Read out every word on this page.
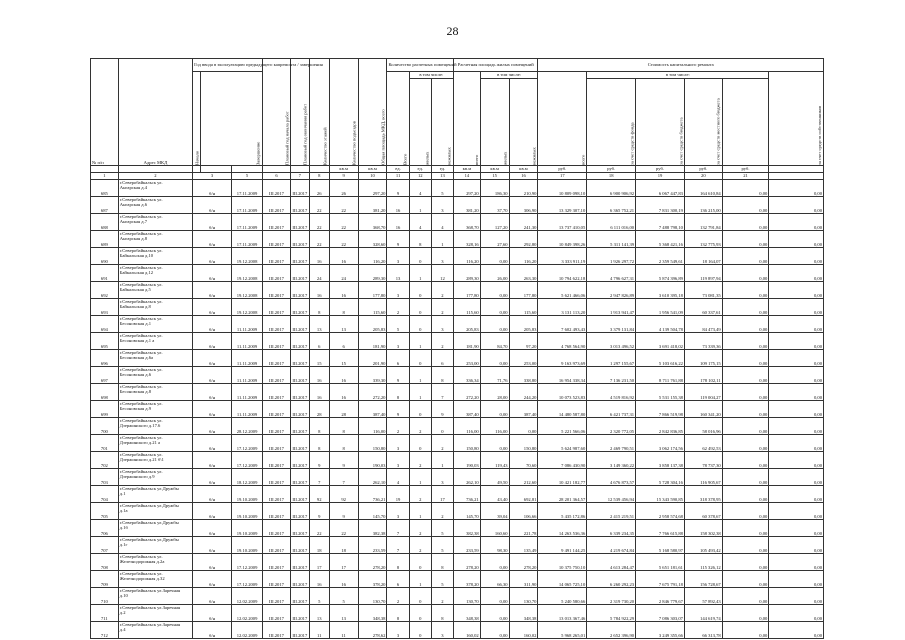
28
№ п/п	Адрес МКД	Год ввода в эксплуатацию предыдущего капремонта / завершения			Плановый год начала работ	Плановый год окончания работ	Количество этажей	Количество подъездов	Общая площадь МКД, всего	Количество расчетных помещений			Расчетная площадь жилых помещений			Стоимость капитального ремонта					
		Начало	Завершение							Всего	в том числе:		всего	в том числе:		всего	в том числе:				за счет средств собственников
											жилых	нежилых		жилых	нежилых		за счет средств фонда	за счет средств бюджета	за счет средств местного бюджета		
								кв.м	кв.м	ед.	ед.	ед.	кв.м	кв.м	кв.м	руб.	руб.	руб.	руб.	руб.	
1	2	3		5	6	7	8	9	10	11	12	13	14	15	16	17	18	19	20	21	
685	г.Северобайкальск ул.
Ангарская д.4	б/н		17.11.2009	III.2017	III.2017	26	26	297,20	9	4	5	297,20	186,30	210,90	10 809 098,10	6 900 906,92	6 067 447,83	164 610,84	0,00	0,00
687	г.Северобайкальск ул.
Ангарская д.6	б/н		17.11.2009	III.2017	III.2017	22	22	381,20	16	1	3	381,20	37,70	306,90	13 329 307,10	6 365 752,21	7 831 300,19	136 215,00	0,00	0,00
688	г.Северобайкальск ул.
Ангарская д.7	б/н		17.11.2009	III.2017	III.2017	22	22	368,70	16	4	4	368,70	127,20	241,30	13 737 410,05	6 111 016,00	7 488 798,10	132 791,84	0,00	0,00
689	г.Северобайкальск ул.
Ангарская д.8	б/н		17.11.2009	III.2017	III.2017	22	22	328,60	9	8	1	328,16	27,60	292,80	10 849 398,26	5 311 141,39	5 368 421,16	132 775,93	0,00	0,00
690	г.Северобайкальск ул.
Байкальская д.10	б/н		19.12.2008	III.2017	III.2017	16	16	116,20	3	0	3	116,20	0,00	116,20	3 333 911,19	1 926 297,72	2 359 549,61	18 164,07	0,00	0,00
691	г.Северобайкальск ул.
Байкальская д.12	б/н		19.12.2008	III.2017	III.2017	24	24	289,30	13	1	12	289,30	26,00	263,30	10 794 622,18	4 796 627,31	5 874 396,89	119 897,94	0,00	0,00
692	г.Северобайкальск ул.
Байкальская д.5	б/н		19.12.2008	III.2017	III.2017	16	16	177,80	3	0	2	177,80	0,00	177,80	5 621 466,06	2 947 826,89	3 610 395,18	73 081,35	0,00	0,00
693	г.Северобайкальск ул.
Байкальская д.8	б/н		19.12.2008	III.2017	III.2017	8	8	115,60	2	0	2	115,60	0,00	115,60	3 131 113,20	1 913 941,47	1 956 541,09	60 337,61	0,00	0,00
694	г.Северобайкальск ул.
Бесоновская д.1	б/н		11.11.2009	III.2017	III.2017	13	13	205,83	5	0	3	205,83	0,00	205,83	7 602 493,43	3 379 131,84	4 139 504,78	84 473,49	0,00	0,00
695	г.Северобайкальск ул.
Бесоновская д.1 а	б/н		11.11.2009	III.2017	III.2017	6	6	181,90	3	1	2	181,90	84,70	97,20	4 768 564,90	3 013 496,52	3 691 418,02	73 339,36	0,00	0,00
696	г.Северобайкальск ул.
Бесоновская д.6а	б/н		11.11.2009	III.2017	III.2017	15	15	201,90	6	0	6	253,00	0,00	253,00	9 163 973,69	1 297 155,67	5 103 616,22	109 175,15	0,00	0,00
697	г.Северобайкальск ул.
Бесоновская д.6	б/н		11.11.2009	III.2017	III.2017	16	16	339,30	9	1	8	336,34	71,76	338,80	16 954 338,34	7 136 231,50	8 711 761,88	178 102,11	0,00	0,00
698	г.Северобайкальск ул.
Бесоновская д.8	б/н		11.11.2009	III.2017	III.2017	16	16	272,20	8	1	7	272,20	28,00	244,20	10 073 523,83	4 519 816,92	5 531 155,38	119 004,27	0,00	0,00
699	г.Северобайкальск ул.
Бесоновская д.9	б/н		11.11.2009	III.2017	III.2017	28	28	387,40	9	0	9	387,40	0,00	387,40	14 480 587,80	6 421 737,31	7 866 519,98	160 341,20	0,00	0,00
700	г.Северобайкальск ул.
Дзержинского д.17.6	б/н		28.12.2009	III.2017	III.2017	8	8	116,00	2	2	0	116,00	116,00	0,00	5 221 566,06	2 320 772,05	2 842 836,85	58 016,96	0,00	0,00
701	г.Северобайкальск ул.
Дзержинского д.21 а	б/н		17.12.2009	III.2017	III.2017	8	8	150,80	3	0	2	150,80	0,00	150,80	5 624 987,60	2 469 790,51	3 062 174,56	62 492,53	0,00	0,00
702	г.Северобайкальск ул.
Дзержинского д.21 б\1	б/н		17.12.2009	III.2017	III.2017	9	9	190,03	3	2	1	190,03	119,43	70,60	7 086 430,90	3 149 360,22	3 858 137,38	78 737,30	0,00	0,00
703	г.Северобайкальск ул.
Дзержинского д.9	б/н		18.12.2009	III.2017	III.2017	7	7	262,10	4	1	3	262,10	49,50	212,60	10 421 182,77	4 676 873,57	5 728 304,16	116 905,67	0,00	0,00
704	г.Северобайкальск ул.Дружбы
д.1	б/н		19.10.2009	III.2017	III.2017	92	92	736,21	19	2	17	736,21	43,40	692,81	28 201 364,57	12 539 456,94	15 343 590,85	318 378,95	0,00	0,00
705	г.Северобайкальск ул.Дружбы
д.1а	б/н		19.10.2009	III.2017	III.2017	9	9	145,70	3	1	2	145,70	39,04	106,66	5 435 172,86	2 415 219,51	2 958 574,68	60 378,67	0,00	0,00
706	г.Северобайкальск ул.Дружбы
д.1б	б/н		19.10.2009	III.2017	III.2017	22	22	382,38	7	2	5	382,38	160,60	221,78	14 263 536,36	6 339 234,35	7 766 615,88	158 302,38	0,00	0,00
707	г.Северобайкальск ул.Дружбы
д.1г	б/н		19.10.2009	III.2017	III.2017	18	18	233,59	7	2	5	233,59	98,30	135,49	9 491 144,25	4 219 674,84	5 168 580,97	105 493,42	0,00	0,00
708	г.Северобайкальск ул.
Железнодорожная д.2а	б/н		17.12.2009	III.2017	III.2017	17	17	278,20	8	0	8	278,20	0,00	278,20	10 375 750,10	4 613 284,47	5 651 181,61	115 326,12	0,00	0,00
709	г.Северобайкальск ул.
Железнодорожная д.32	б/н		17.12.2009	III.2017	III.2017	16	16	378,20	6	1	5	378,20	66,30	311,90	14 065 725,10	6 260 292,23	7 675 791,18	156 728,67	0,00	0,00
710	г.Северобайкальск ул.Заречная
д.10	б/н		12.02.2009	III.2017	III.2017	5	5	130,70	2	0	2	130,70	0,00	130,70	5 240 580,66	2 319 730,20	2 846 779,67	57 892,43	0,00	0,00
711	г.Северобайкальск ул.Заречная
д.2	б/н		12.02.2009	III.2017	III.2017	13	13	348,38	8	0	8	348,38	0,00	348,38	13 013 367,46	5 784 922,29	7 086 303,07	144 619,74	0,00	0,00
712	г.Северобайкальск ул.Заречная
д.4	б/н		12.02.2009	III.2017	III.2017	11	11	278,62	3	0	3	160,02	0,00	160,02	5 968 265,01	2 652 396,90	3 249 355,66	66 313,78	0,00	0,00
